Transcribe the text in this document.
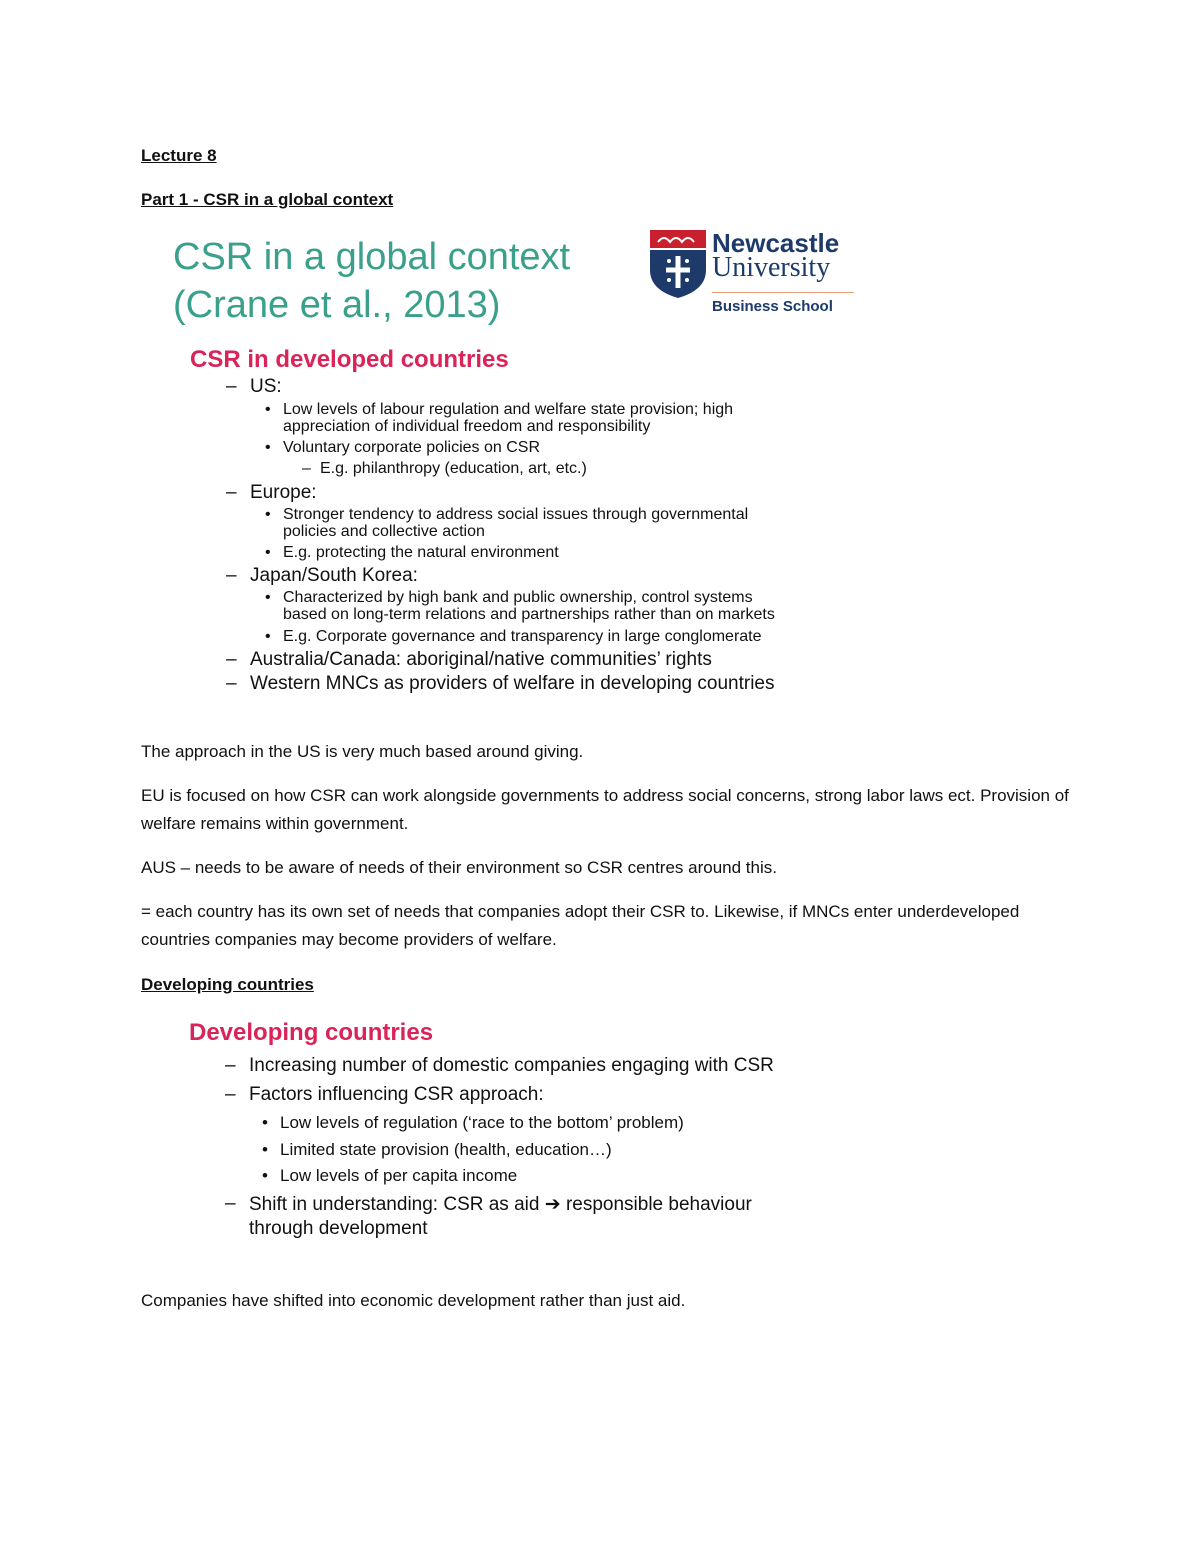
Lecture 8
Part 1 - CSR in a global context
CSR in a global context
(Crane et al., 2013)
Newcastle
University
Business School
CSR in developed countries
– US:
• Low levels of labour regulation and welfare state provision; high
appreciation of individual freedom and responsibility
• Voluntary corporate policies on CSR
– E.g. philanthropy (education, art, etc.)
– Europe:
• Stronger tendency to address social issues through governmental
policies and collective action
• E.g. protecting the natural environment
– Japan/South Korea:
• Characterized by high bank and public ownership, control systems
based on long-term relations and partnerships rather than on markets
• E.g. Corporate governance and transparency in large conglomerate
– Australia/Canada: aboriginal/native communities’ rights
– Western MNCs as providers of welfare in developing countries
The approach in the US is very much based around giving.
EU is focused on how CSR can work alongside governments to address social concerns, strong labor laws ect. Provision of welfare remains within government.
AUS – needs to be aware of needs of their environment so CSR centres around this.
= each country has its own set of needs that companies adopt their CSR to. Likewise, if MNCs enter underdeveloped countries companies may become providers of welfare.
Developing countries
Developing countries
– Increasing number of domestic companies engaging with CSR
– Factors influencing CSR approach:
• Low levels of regulation (‘race to the bottom’ problem)
• Limited state provision (health, education…)
• Low levels of per capita income
– Shift in understanding: CSR as aid ➔ responsible behaviour
through development
Companies have shifted into economic development rather than just aid.
